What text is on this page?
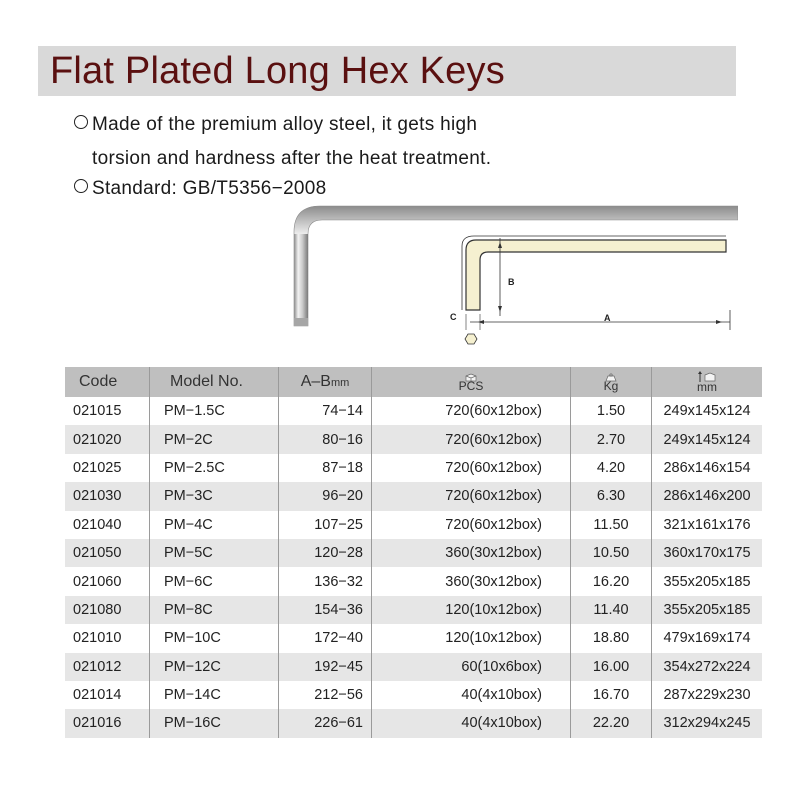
Flat Plated Long Hex Keys
Made of the premium alloy steel, it gets high
torsion and hardness after the heat treatment.
Standard: GB/T5356−2008
B
A
C
Code	Model No.	A–Bmm	PCS	Kg	mm

021015	PM−1.5C	74−14	720(60x12box)	1.50	249x145x124
021020	PM−2C	80−16	720(60x12box)	2.70	249x145x124
021025	PM−2.5C	87−18	720(60x12box)	4.20	286x146x154
021030	PM−3C	96−20	720(60x12box)	6.30	286x146x200
021040	PM−4C	107−25	720(60x12box)	11.50	321x161x176
021050	PM−5C	120−28	360(30x12box)	10.50	360x170x175
021060	PM−6C	136−32	360(30x12box)	16.20	355x205x185
021080	PM−8C	154−36	120(10x12box)	11.40	355x205x185
021010	PM−10C	172−40	120(10x12box)	18.80	479x169x174
021012	PM−12C	192−45	60(10x6box)	16.00	354x272x224
021014	PM−14C	212−56	40(4x10box)	16.70	287x229x230
021016	PM−16C	226−61	40(4x10box)	22.20	312x294x245
